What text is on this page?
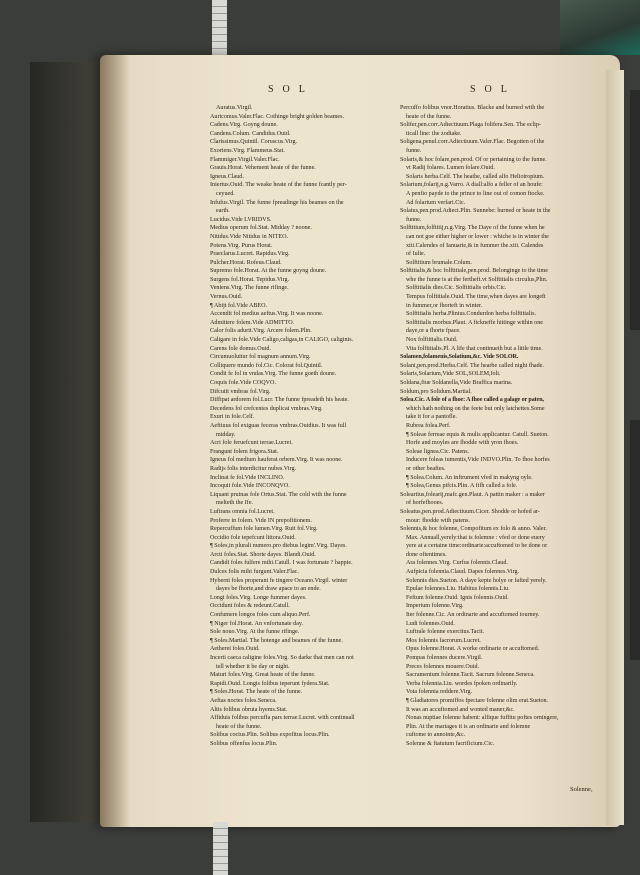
SOL	SOL
Auratus.Virgil.
Auricomus.Valer.Flac. Cothinge bright golden beames.
Cadens.Virg. Goyng doune.
Candens.Colum. Candidus.Ouid.
Clarissimus.Quintil. Coruscus.Virg.
Exoriens.Virg. Flammeus.Stat.
Flammiger.Virgil.Valer.Flac.
Grauis.Horat. Vehement heate of the funne.
Igneus.Claud.
Iniertus.Ouid. The weake heate of the funne fcantly per-
ceyued.
Infufus.Virgil. The funne fpreadinge his beames on the
earth.
Lucidus.Vide LVRIDVS.
Medius operum fol.Stat. Midday ? noone.
Nitidus.Vide Nitidus in NITEO.
Potens.Virg. Purus Horat.
Praeclarus.Lucret. Rapidus.Virg.
Pulcher.Horat. Rofeus.Claud.
Supremo fole.Horat. At the funne goyng doune.
Surgens fol.Horat. Tepidus.Virg.
Veniens.Virg. The funne rifinge.
Vernus.Ouid.
¶ Abijt fol.Vide ABEO.
Accendit fol medius aeftus.Virg. It was noone.
Admittere folem.Vide ADMITTO.
Calor folis adurit.Virg. Arcere folem.Plin.
Caligare in fole.Vide Caligo,caligas,in CALIGO, caliginis.
Carens fole domus.Ouid.
Circumuoluitur fol magnum annum.Virg.
Colliquere mundo fol.Cic. Colorat fol.Quintil.
Condit fe fol in vndas.Virg. The funne goeth doune.
Coquis fole.Vide COQVO.
Difcutit vmbras fol.Virg.
Diffipat ardorem fol.Lucr. The funne fpreadeth his heate.
Decedens fol crefcentes duplicat vmbras.Virg.
Exuri in fole.Celf.
Aeftiuus fol exiguas feceras vmbras.Ouidius. It was full
midday.
Acri fole feruefcunt terrae.Lucret.
Frangunt folem frigora.Stat.
Igneus fol medium hauferat orbem.Virg. It was noone.
Radijs folis interdicitur nubes.Virg.
Inclinat fe fol.Vide INCLINO.
Incoquit fole.Vide INCONQVO.
Liquant pruinas fole Ortus.Stat. The cold with the funne
melteth the Ife.
Luftrans omnia fol.Lucret.
Proferre in folem. Vide IN prepofitionem.
Repercuffum fole lumen.Virg. Ruit fol.Virg.
Occidio fole tepefcunt littora.Ouid.
¶ Soles,in plurali numero.pro diebus legim'.Virg. Dayes.
Arcti foles.Stat. Shorte dayes. Blandi.Ouid.
Candidi foles fulfere mihi.Catull. I was fortunate ? happie.
Dulces folis mihi furgunt.Valer.Flac.
Hyberni foles properant fe tingere Oceano.Virgil. winter
dayes be fhorte,and draw apace to an ende.
Longi foles.Virg. Longe fummer dayes.
Occidunt foles & redeunt.Catull.
Confumere longos foles cum aliquo.Perf.
¶ Niger fol.Horat. An vnfortunate day.
Sole nouo.Virg. At the funne rifinge.
¶ Soles.Martial. The hotenge and beames of the funne.
Aetherei foles.Ouid.
Incerti caeca caligine foles.Virg. So darke that men can not
tell whether it be day or night.
Maturi foles.Virg. Great heate of the funne.
Rapidi.Ouid. Longis folibus teperunt fydera.Stat.
¶ Soles.Horat. The heate of the funne.
Aeftas noctes foles.Seneca.
Altis folibus obruta hyems.Stat.
Affiduis folibus percuffa pars terrae.Lucret. with continuall
heate of the funne.
Solibus coctus.Plin. Solibus expofitus locus.Plin.
Solibus offenfus locus.Plin.
Percuffo folibus vnor.Horatius. Blacke and burned with the
heate of the funne.
Solifer,pen.corr.Adiectiuum.Plaga folifera.Sen. The eclip-
ticall line: the zodiake.
Soligena,penul.corr.Adiectiuum.Valer.Flac. Begotten of the
funne.
Solaris,& hoc folare,pen.prod. Of or pertaining to the funne.
vt Radij folares. Lumen folare.Ouid.
Solaris herba.Celf. The heathe, called alfo Heliotropium.
Solarium,folarij,n.g.Varro. A diall:alfo a feller of an houfe:
A penfio payde to the prince to line out of comon ftocke.
Ad folarium verfari.Cic.
Solatus,pen.prod.Adiect.Plin. Sunnebe: burned or heate in the
funne.
Solftitium,folftitij,n.g.Virg. The Daye of the funne when he
can not goe either higher or lower : whiche is in winter the
xiii.Calendes of Ianuarie,& in fummer the.xiii. Calendes
of Iulie.
Solftitium brumale.Colum.
Solftitialis,& hoc folftitiale,pen.prod. Belonginge to the time
whe the funne is at the fertheft.vt Solftitialis circulus,Plin.
Solftitialis dies.Cic. Solftitialis orbis.Cic.
Tempus folftitiale.Ouid. The time,when dayes are longeft
in fummer,or fhorteft in winter.
Solftitialis herba.Plinius.Condurdon herba folftitialis.
Solftitialis morbus.Plaut. A fickneffe hittinge within one
daye,or a fhorte fpace.
Nox folftitialis.Ouid.
Vita folftitialis.Pl. A life that continueth but a little time.
Solamen,folamenis,Solatium,&c. Vide SOLOR.
Solani,pen.prod.Herba.Celf. The hearbe called night fhade.
Solaris,Solarium,Vide SOL,SOLEM,foli.
Soldana,fiue Soldanella,Vide Braffica marina.
Soldum,pro Solidum.Martial.
Solea.Cic. A fole of a fhoe: A fhoe called a galage or paten,
which hath nothing on the feete but only latchettes.Some
take it for a pantofle.
Rubrea folea.Perf.
¶ Soleae ferreae equis & mulis applicantur. Catull. Sueton.
Horfe and moyles are fhodde with yron fhoes.
Soleae lignea.Cic. Patens.
Inducere foleas iumentis,Vide INDVO.Plin. To fhoe horfes
or other beaftes.
¶ Solea.Colum. An inftrument vfed in makyng oyle.
¶ Solea,Genus pifcis.Plin. A fifh called a fole.
Soleariius,folearij,mafc.gen.Plaut. A pattin maker : a maker
of horfefhooes.
Soleatus,pen.prod.Adiectiuum.Cicer. Shodde or hofed ar-
mour: fhodde with patens.
Solennis,& hoc folenne, Compofitum ex folo & anno. Valer.
Max. Annuall,yerely:that is folemne : vfed or done euery
yere at a certaine time:ordinarie:accuftomed to be done or
done oftentimes.
Ara folennes.Virg. Curfus folennis.Claud.
Aufpicia folennia.Claud. Dapes folennes.Virg.
Solennis dies.Sueton. A daye kepte holye or fafted yerely.
Epulae folennes.Liu. Habitus folennis.Liu.
Feftum folenne.Ouid. Ignis folennis.Ouid.
Imperium folenne.Virg.
Iter folenne.Cic. An ordinarie and accuftomed iourney.
Ludi folennes.Ouid.
Luftrale folenne exercitus.Tacit.
Mos folennis facrorum.Lucret.
Opus folenne.Horat. A worke ordinarie or accuftomed.
Pompas folennes ducere.Virgil.
Preces folennes mouere.Ouid.
Sacramentum folenne.Tacit. Sacrum folenne.Seneca.
Verba folennia.Liu. wordes fpoken ordinarily.
Vota folennia reddere.Virg.
¶ Gladiatores promiffos fpectare folenne olim erat.Sueton.
It was an accuftomed and wonted maner,&c.
Nonas nuptiae folenne habent: alfique fuffitu poftes orningere,
Plin. At the mariages it is an ordinarie and folemne
cuftome to annointe,&c.
Solenne & ftatutum facrificium.Cic.
Solenne,
